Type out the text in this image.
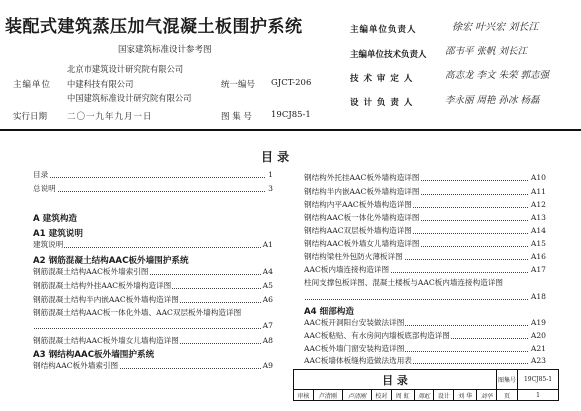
装配式建筑蒸压加气混凝土板围护系统
国家建筑标准设计参考图
主编单位
北京市建筑设计研究院有限公司
中建科技有限公司
中国建筑标准设计研究院有限公司
统一编号 GJCT-206
实行日期 二〇一九年九月一日	图 集 号 19CJ85-1
主编单位负责人	徐宏 叶兴宏 刘长江
主编单位技术负责人 邵韦平 张帆 刘长江
技 术 审 定 人	高志龙 李文 朱荣 郭志强
设 计 负 责 人	李永丽 周艳 孙冰 杨磊
目 录
目录	1
总说明	3
A 建筑构造
A1 建筑说明
建筑说明	A1
A2 钢筋混凝土结构AAC板外墙围护系统
钢筋混凝土结构AAC板外墙索引图	A4
钢筋混凝土结构外挂AAC板外墙构造详图	A5
钢筋混凝土结构半内嵌AAC板外墙构造详图	A6
钢筋混凝土结构AAC板一体化外墙、AAC双层板外墙构造详图
A7
钢筋混凝土结构AAC板外墙女儿墙构造详图	A8
A3 钢结构AAC板外墙围护系统
钢结构AAC板外墙索引图	A9
钢结构外托挂AAC板外墙构造详图	A10
钢结构半内嵌AAC板外墙构造详图	A11
钢结构内平AAC板外墙构造详图	A12
钢结构AAC板一体化外墙构造详图	A13
钢结构AAC双层板外墙构造详图	A14
钢结构AAC板外墙女儿墙构造详图	A15
钢结构梁柱外包防火薄板详图	A16
AAC板内墙连接构造详图	A17
柱间支撑包板详图、混凝土楼板与AAC板内墙连接构造详图
A18
A4 细部构造
AAC板开洞阳台安装做法详图	A19
AAC板粘贴、有水房间内墙板底部构造详图	A20
AAC板外墙门窗安装构造详图	A21
AAC板墙体板缝构造做法选用表	A23
目 录									图集号	19CJ85-1
审核	卢清刚	卢清刚	校对	周 虹	周虹	设计	刘 华	刘华	页	1
